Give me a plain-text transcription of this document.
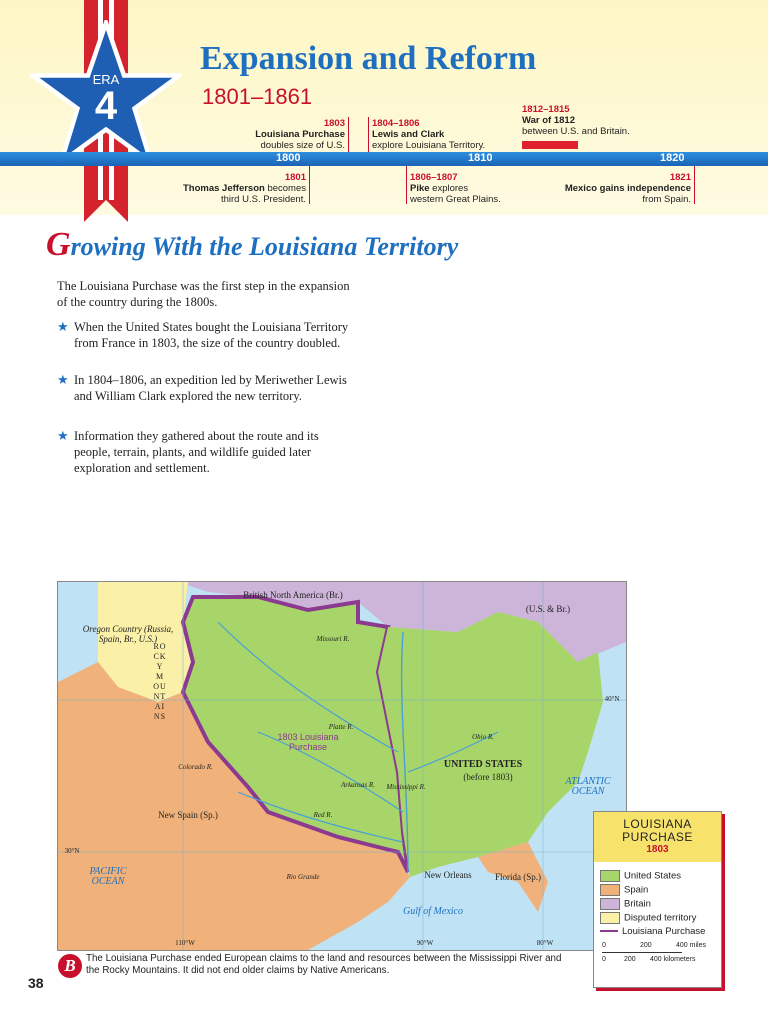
ERA
4
Expansion and Reform
1801–1861
1803
Louisiana Purchase
doubles size of U.S.
1804–1806
Lewis and Clark
explore Louisiana Territory.
1812–1815
War of 1812
between U.S. and Britain.
1800	1810	1820
1801
Thomas Jefferson becomes
third U.S. President.
1806–1807
Pike explores
western Great Plains.
1821
Mexico gains independence
from Spain.
Growing With the Louisiana Territory
The Louisiana Purchase was the first step in the expansion of the country during the 1800s.
★ When the United States bought the Louisiana Territory from France in 1803, the size of the country doubled.
★ In 1804–1806, an expedition led by Meriwether Lewis and William Clark explored the new territory.
★ Information they gathered about the route and its people, terrain, plants, and wildlife guided later exploration and settlement.
British North America (Br.)
Oregon Country (Russia, Spain, Br., U.S.)
(U.S. & Br.)
1803 Louisiana Purchase
UNITED STATES
(before 1803)
New Spain (Sp.)
Florida (Sp.)
New Orleans
Gulf of Mexico
PACIFIC OCEAN
ATLANTIC OCEAN
ROCKY MOUNTAINS
Platte R.
Missouri R.
Red R.
Ohio R.
Arkansas R.
Colorado R.
Rio Grande
Mississippi R.
40°N
30°N
110°W	90°W	80°W
LOUISIANA
PURCHASE
1803
United States
Spain
Britain
Disputed territory
Louisiana Purchase
0	200	400 miles
0	200 400 kilometers
B	The Louisiana Purchase ended European claims to the land and resources between the Mississippi River and the Rocky Mountains. It did not end older claims by Native Americans.
38
